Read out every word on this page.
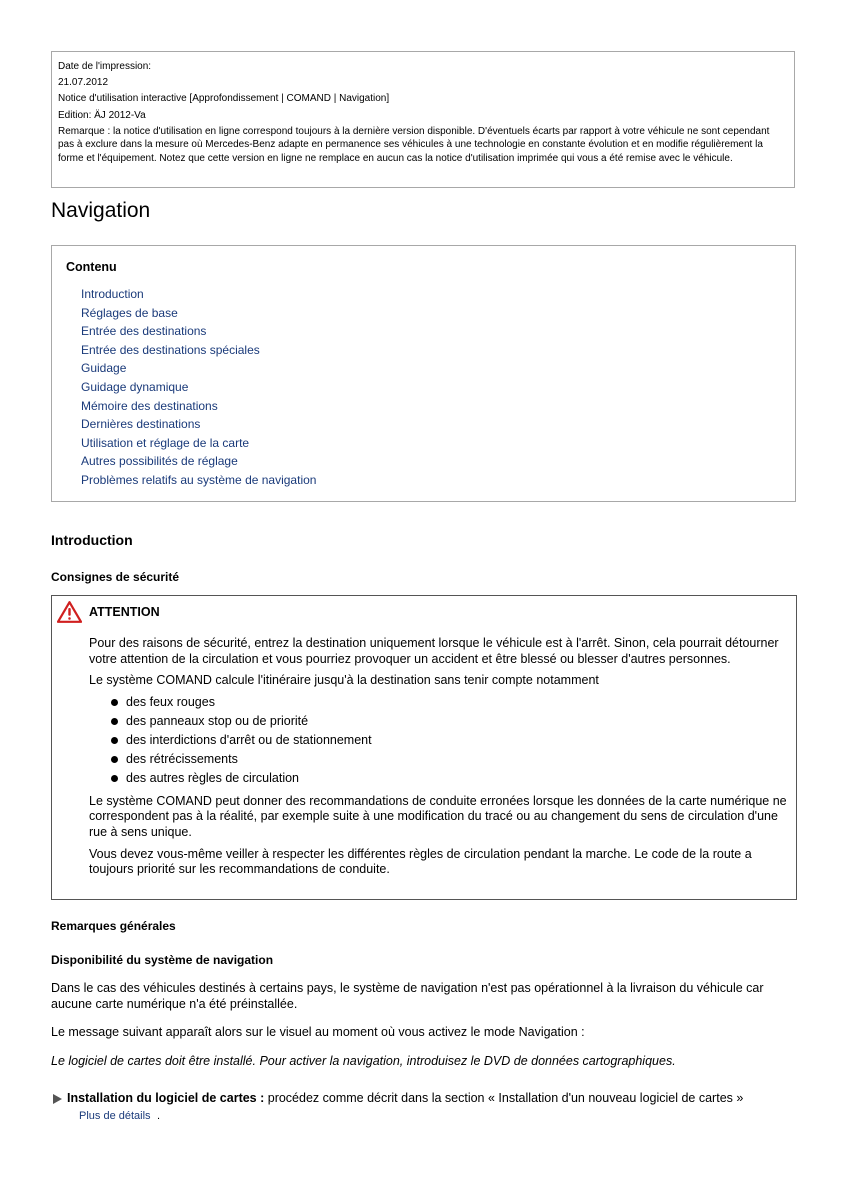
Date de l'impression:
21.07.2012
Notice d'utilisation interactive [Approfondissement | COMAND | Navigation]
Edition: ÄJ 2012-Va
Remarque : la notice d'utilisation en ligne correspond toujours à la dernière version disponible. D'éventuels écarts par rapport à votre véhicule ne sont cependant pas à exclure dans la mesure où Mercedes-Benz adapte en permanence ses véhicules à une technologie en constante évolution et en modifie régulièrement la forme et l'équipement. Notez que cette version en ligne ne remplace en aucun cas la notice d'utilisation imprimée qui vous a été remise avec le véhicule.
Navigation
Contenu
Introduction
Réglages de base
Entrée des destinations
Entrée des destinations spéciales
Guidage
Guidage dynamique
Mémoire des destinations
Dernières destinations
Utilisation et réglage de la carte
Autres possibilités de réglage
Problèmes relatifs au système de navigation
Introduction
Consignes de sécurité
ATTENTION

Pour des raisons de sécurité, entrez la destination uniquement lorsque le véhicule est à l'arrêt. Sinon, cela pourrait détourner votre attention de la circulation et vous pourriez provoquer un accident et être blessé ou blesser d'autres personnes.

Le système COMAND calcule l'itinéraire jusqu'à la destination sans tenir compte notamment

des feux rouges
des panneaux stop ou de priorité
des interdictions d'arrêt ou de stationnement
des rétrécissements
des autres règles de circulation

Le système COMAND peut donner des recommandations de conduite erronées lorsque les données de la carte numérique ne correspondent pas à la réalité, par exemple suite à une modification du tracé ou au changement du sens de circulation d'une rue à sens unique.

Vous devez vous-même veiller à respecter les différentes règles de circulation pendant la marche. Le code de la route a toujours priorité sur les recommandations de conduite.

Remarques générales
Disponibilité du système de navigation

Dans le cas des véhicules destinés à certains pays, le système de navigation n'est pas opérationnel à la livraison du véhicule car aucune carte numérique n'a été préinstallée.

Le message suivant apparaît alors sur le visuel au moment où vous activez le mode Navigation :

Le logiciel de cartes doit être installé. Pour activer la navigation, introduisez le DVD de données cartographiques.

Installation du logiciel de cartes : procédez comme décrit dans la section « Installation d'un nouveau logiciel de cartes »
Plus de détails .
